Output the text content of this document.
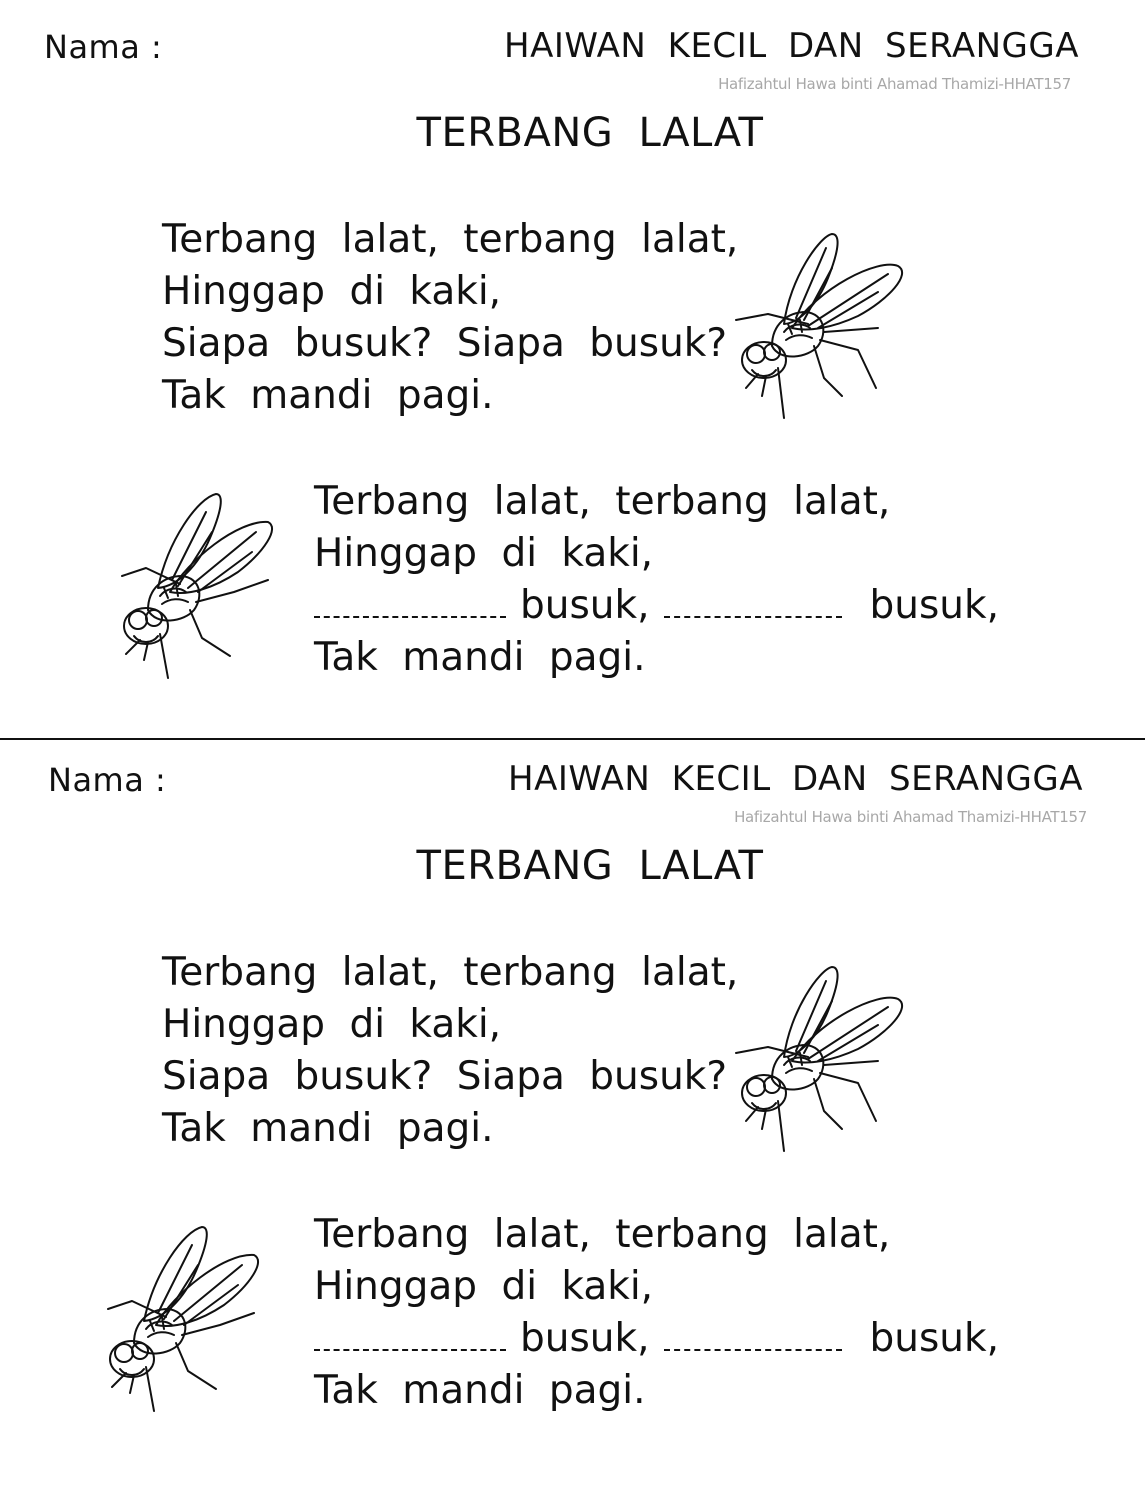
Nama :	HAIWAN KECIL DAN SERANGGA
Hafizahtul Hawa binti Ahamad Thamizi-HHAT157
TERBANG LALAT
Terbang lalat, terbang lalat,
Hinggap di kaki,
Siapa busuk? Siapa busuk?
Tak mandi pagi.
Terbang lalat, terbang lalat,
Hinggap di kaki,
busuk,	busuk,
Tak mandi pagi.
Nama :	HAIWAN KECIL DAN SERANGGA
Hafizahtul Hawa binti Ahamad Thamizi-HHAT157
TERBANG LALAT
Terbang lalat, terbang lalat,
Hinggap di kaki,
Siapa busuk? Siapa busuk?
Tak mandi pagi.
Terbang lalat, terbang lalat,
Hinggap di kaki,
busuk,	busuk,
Tak mandi pagi.
